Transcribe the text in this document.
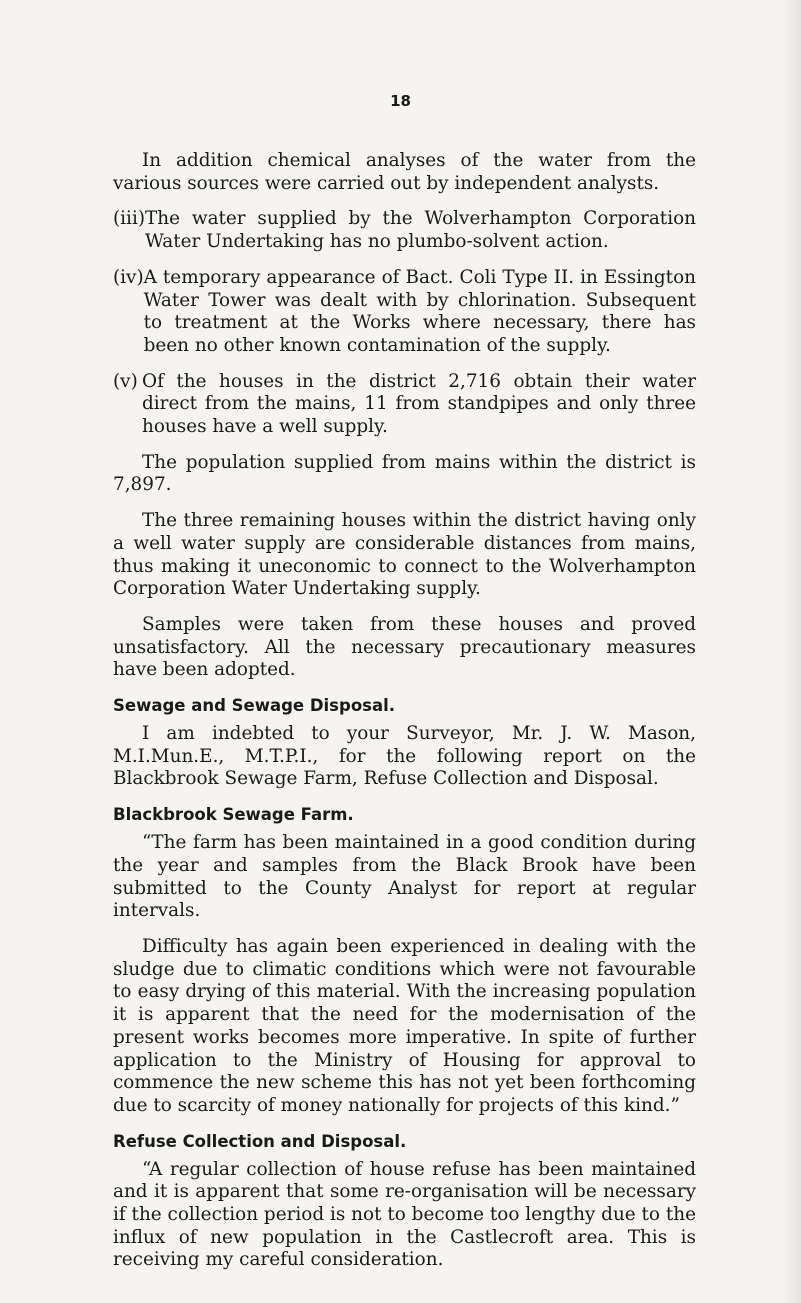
18

In addition chemical analyses of the water from the various sources were carried out by independent analysts.

(iii) The water supplied by the Wolverhampton Corporation Water Undertaking has no plumbo-solvent action.
(iv) A temporary appearance of Bact. Coli Type II. in Essington Water Tower was dealt with by chlorination. Subsequent to treatment at the Works where necessary, there has been no other known contamination of the supply.
(v) Of the houses in the district 2,716 obtain their water direct from the mains, 11 from standpipes and only three houses have a well supply.

The population supplied from mains within the district is 7,897.

The three remaining houses within the district having only a well water supply are considerable distances from mains, thus making it uneconomic to connect to the Wolverhampton Corporation Water Undertaking supply.

Samples were taken from these houses and proved unsatisfactory. All the necessary precautionary measures have been adopted.

Sewage and Sewage Disposal.

I am indebted to your Surveyor, Mr. J. W. Mason, M.I.Mun.E., M.T.P.I., for the following report on the Blackbrook Sewage Farm, Refuse Collection and Disposal.

Blackbrook Sewage Farm.

“The farm has been maintained in a good condition during the year and samples from the Black Brook have been submitted to the County Analyst for report at regular intervals.

Difficulty has again been experienced in dealing with the sludge due to climatic conditions which were not favourable to easy drying of this material. With the increasing population it is apparent that the need for the modernisation of the present works becomes more imperative. In spite of further application to the Ministry of Housing for approval to commence the new scheme this has not yet been forthcoming due to scarcity of money nationally for projects of this kind.”

Refuse Collection and Disposal.

“A regular collection of house refuse has been maintained and it is apparent that some re-organisation will be necessary if the collection period is not to become too lengthy due to the influx of new population in the Castlecroft area. This is receiving my careful consideration.
